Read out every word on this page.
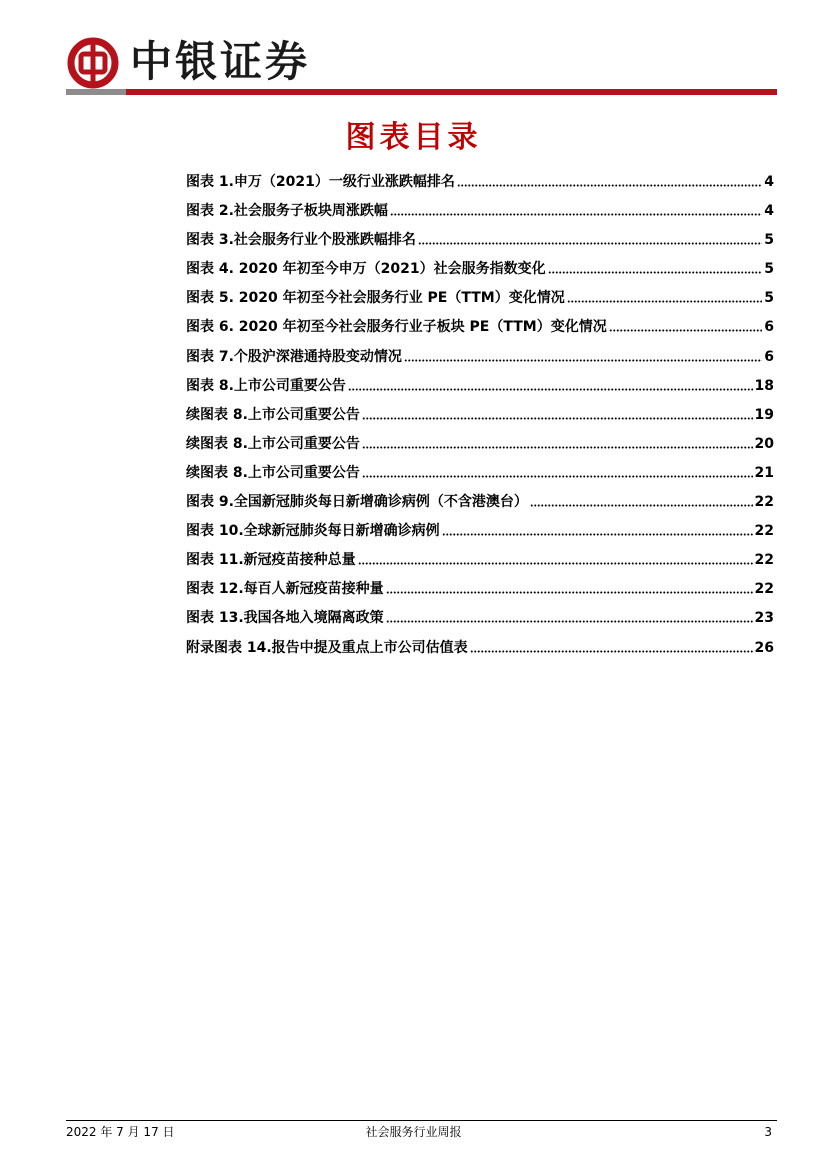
中银证券
图表目录
图表 1.申万（2021）一级行业涨跌幅排名	4
图表 2.社会服务子板块周涨跌幅	4
图表 3.社会服务行业个股涨跌幅排名	5
图表 4. 2020 年初至今申万（2021）社会服务指数变化	5
图表 5. 2020 年初至今社会服务行业 PE（TTM）变化情况	5
图表 6. 2020 年初至今社会服务行业子板块 PE（TTM）变化情况	6
图表 7.个股沪深港通持股变动情况	6
图表 8.上市公司重要公告	18
续图表 8.上市公司重要公告	19
续图表 8.上市公司重要公告	20
续图表 8.上市公司重要公告	21
图表 9.全国新冠肺炎每日新增确诊病例（不含港澳台）	22
图表 10.全球新冠肺炎每日新增确诊病例	22
图表 11.新冠疫苗接种总量	22
图表 12.每百人新冠疫苗接种量	22
图表 13.我国各地入境隔离政策	23
附录图表 14.报告中提及重点上市公司估值表	26
2022 年 7 月 17 日	社会服务行业周报	3
